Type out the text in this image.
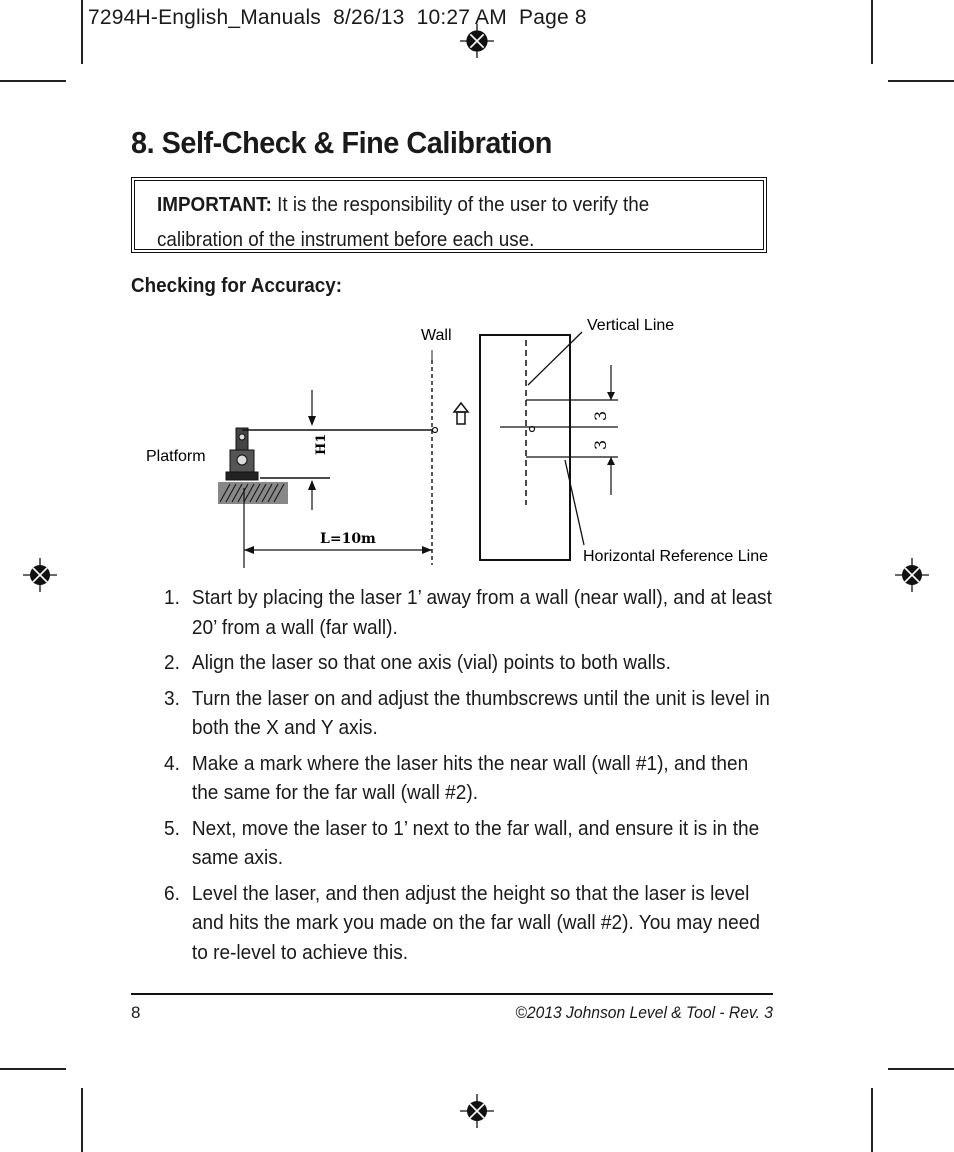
7294H-English_Manuals  8/26/13  10:27 AM  Page 8
8. Self-Check & Fine Calibration
IMPORTANT: It is the responsibility of the user to verify the calibration of the instrument before each use.
Checking for Accuracy:
H1
L=10m
3
3
Wall
Vertical Line
Platform
Horizontal Reference Line
1. Start by placing the laser 1’ away from a wall (near wall), and at least 20’ from a wall (far wall).
2. Align the laser so that one axis (vial) points to both walls.
3. Turn the laser on and adjust the thumbscrews until the unit is level in both the X and Y axis.
4. Make a mark where the laser hits the near wall (wall #1), and then the same for the far wall (wall #2).
5. Next, move the laser to 1’ next to the far wall, and ensure it is in the same axis.
6. Level the laser, and then adjust the height so that the laser is level and hits the mark you made on the far wall (wall #2). You may need to re-level to achieve this.
8	©2013 Johnson Level & Tool - Rev. 3
